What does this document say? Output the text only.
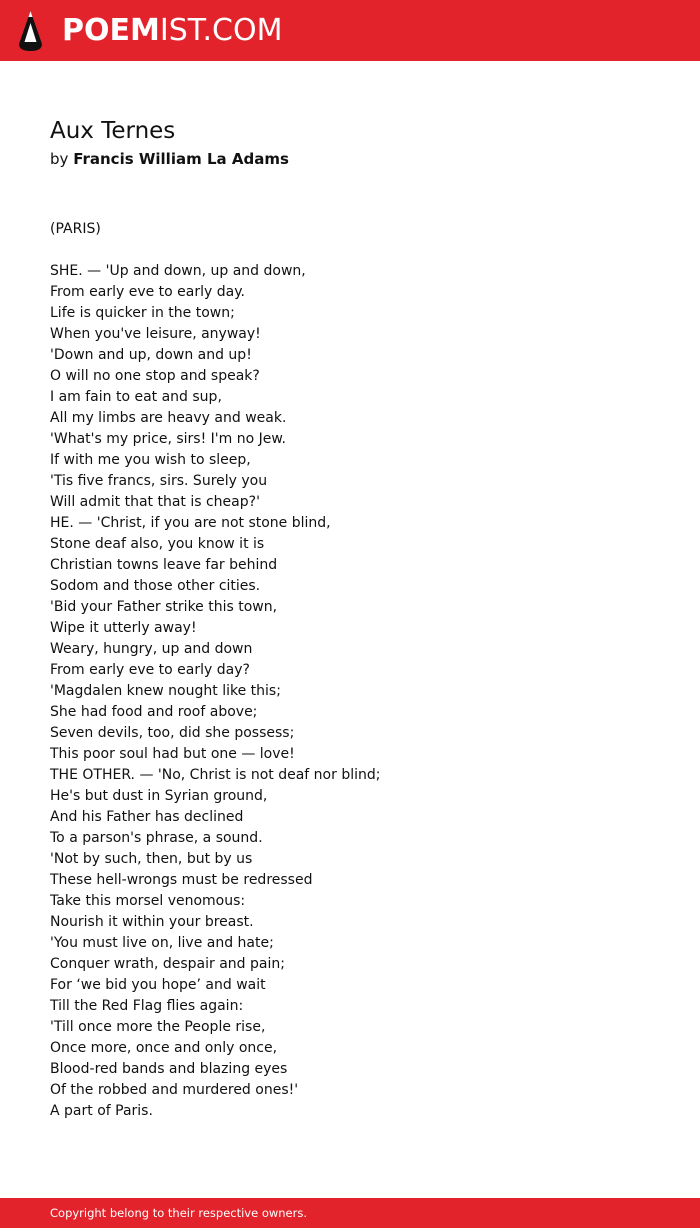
POEMIST.COM
Aux Ternes
by Francis William La Adams
(PARIS)
SHE. — 'Up and down, up and down,
From early eve to early day.
Life is quicker in the town;
When you've leisure, anyway!
'Down and up, down and up!
O will no one stop and speak?
I am fain to eat and sup,
All my limbs are heavy and weak.
'What's my price, sirs! I'm no Jew.
If with me you wish to sleep,
'Tis five francs, sirs. Surely you
Will admit that that is cheap?'
HE. — 'Christ, if you are not stone blind,
Stone deaf also, you know it is
Christian towns leave far behind
Sodom and those other cities.
'Bid your Father strike this town,
Wipe it utterly away!
Weary, hungry, up and down
From early eve to early day?
'Magdalen knew nought like this;
She had food and roof above;
Seven devils, too, did she possess;
This poor soul had but one — love!
THE OTHER. — 'No, Christ is not deaf nor blind;
He's but dust in Syrian ground,
And his Father has declined
To a parson's phrase, a sound.
'Not by such, then, but by us
These hell-wrongs must be redressed
Take this morsel venomous:
Nourish it within your breast.
'You must live on, live and hate;
Conquer wrath, despair and pain;
For ‘we bid you hope’ and wait
Till the Red Flag flies again:
'Till once more the People rise,
Once more, once and only once,
Blood-red bands and blazing eyes
Of the robbed and murdered ones!'
A part of Paris.
Copyright belong to their respective owners.
